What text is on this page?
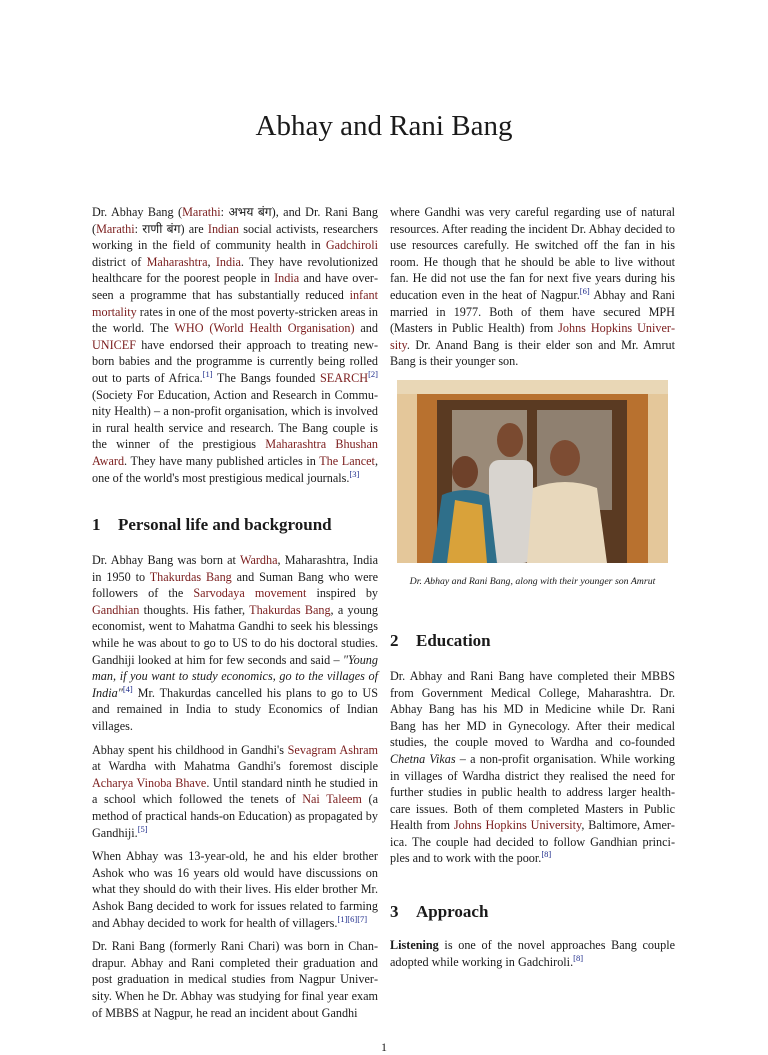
Abhay and Rani Bang

Dr. Abhay Bang (Marathi: अभय बंग), and Dr. Rani Bang (Marathi: राणी बंग) are Indian social activists, researchers working in the field of community health in Gadchiroli district of Maharashtra, India. They have revolutionized healthcare for the poorest people in India and have overseen a programme that has substantially reduced infant mortality rates in one of the most poverty-stricken areas in the world. The WHO (World Health Organisation) and UNICEF have endorsed their approach to treating newborn babies and the programme is currently being rolled out to parts of Africa.[1] The Bangs founded SEARCH[2] (Society For Education, Action and Research in Community Health) – a non-profit organisation, which is involved in rural health service and research. The Bang couple is the winner of the prestigious Maharashtra Bhushan Award. They have many published articles in The Lancet, one of the world's most prestigious medical journals.[3]

1 Personal life and background

Dr. Abhay Bang was born at Wardha, Maharashtra, India in 1950 to Thakurdas Bang and Suman Bang who were followers of the Sarvodaya movement inspired by Gandhian thoughts. His father, Thakurdas Bang, a young economist, went to Mahatma Gandhi to seek his blessings while he was about to go to US to do his doctoral studies. Gandhiji looked at him for few seconds and said – "Young man, if you want to study economics, go to the villages of India"[4] Mr. Thakurdas cancelled his plans to go to US and remained in India to study Economics of Indian villages.

Abhay spent his childhood in Gandhi's Sevagram Ashram at Wardha with Mahatma Gandhi's foremost disciple Acharya Vinoba Bhave. Until standard ninth he studied in a school which followed the tenets of Nai Taleem (a method of practical hands-on Education) as propagated by Gandhiji.[5]

When Abhay was 13-year-old, he and his elder brother Ashok who was 16 years old would have discussions on what they should do with their lives. His elder brother Mr. Ashok Bang decided to work for issues related to farming and Abhay decided to work for health of villagers.[1][6][7]

Dr. Rani Bang (formerly Rani Chari) was born in Chandrapur. Abhay and Rani completed their graduation and post graduation in medical studies from Nagpur University. When he Dr. Abhay was studying for final year exam of MBBS at Nagpur, he read an incident about Gandhi

where Gandhi was very careful regarding use of natural resources. After reading the incident Dr. Abhay decided to use resources carefully. He switched off the fan in his room. He though that he should be able to live without fan. He did not use the fan for next five years during his education even in the heat of Nagpur.[6] Abhay and Rani married in 1977. Both of them have secured MPH (Masters in Public Health) from Johns Hopkins University. Dr. Anand Bang is their elder son and Mr. Amrut Bang is their younger son.

Dr. Abhay and Rani Bang, along with their younger son Amrut
2 Education

Dr. Abhay and Rani Bang have completed their MBBS from Government Medical College, Maharashtra. Dr. Abhay Bang has his MD in Medicine while Dr. Rani Bang has her MD in Gynecology. After their medical studies, the couple moved to Wardha and co-founded Chetna Vikas – a non-profit organisation. While working in villages of Wardha district they realised the need for further studies in public health to address larger healthcare issues. Both of them completed Masters in Public Health from Johns Hopkins University, Baltimore, America. The couple had decided to follow Gandhian principles and to work with the poor.[8]

3 Approach

Listening is one of the novel approaches Bang couple adopted while working in Gadchiroli.[8]

1
